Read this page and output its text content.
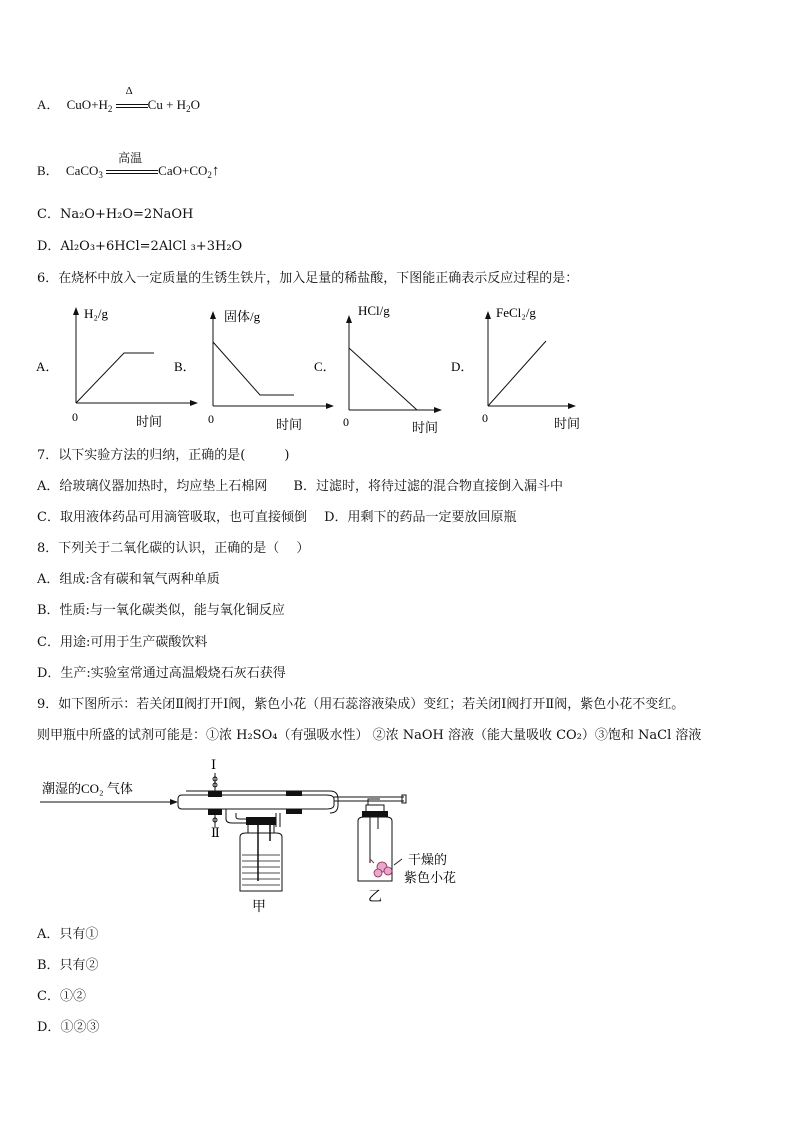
A． $CuO+H_2$
Δ
$Cu + H_2O$
B． CaCO$_3$
高温
$CaO+CO_2↑$
C．Na₂O+H₂O=2NaOH
D．Al₂O₃+6HCl=2AlCl ₃+3H₂O
6．在烧杯中放入一定质量的生锈生铁片，加入足量的稀盐酸，下图能正确表示反应过程的是：
A．
H₂/g
0	时间
B．
固体/g
0	时间
C．
HCl/g
0	时间
D．
FeCl₂/g
0	时间
7．以下实验方法的归纳，正确的是(　　　)
A．给玻璃仪器加热时，均应垫上石棉网　　B．过滤时，将待过滤的混合物直接倒入漏斗中
C．取用液体药品可用滴管吸取，也可直接倾倒　 D．用剩下的药品一定要放回原瓶
8．下列关于二氧化碳的认识，正确的是（　 ）
A．组成:含有碳和氧气两种单质
B．性质:与一氧化碳类似，能与氧化铜反应
C．用途:可用于生产碳酸饮料
D．生产:实验室常通过高温煅烧石灰石获得
9．如下图所示：若关闭Ⅱ阀打开Ⅰ阀，紫色小花（用石蕊溶液染成）变红；若关闭Ⅰ阀打开Ⅱ阀，紫色小花不变红。
则甲瓶中所盛的试剂可能是：①浓 H₂SO₄（有强吸水性） ②浓 NaOH 溶液（能大量吸收 CO₂）③饱和 NaCl 溶液
潮湿的CO₂ 气体
Ⅰ
Ⅱ
甲
干燥的
紫色小花
乙
A．只有①
B．只有②
C．①②
D．①②③
